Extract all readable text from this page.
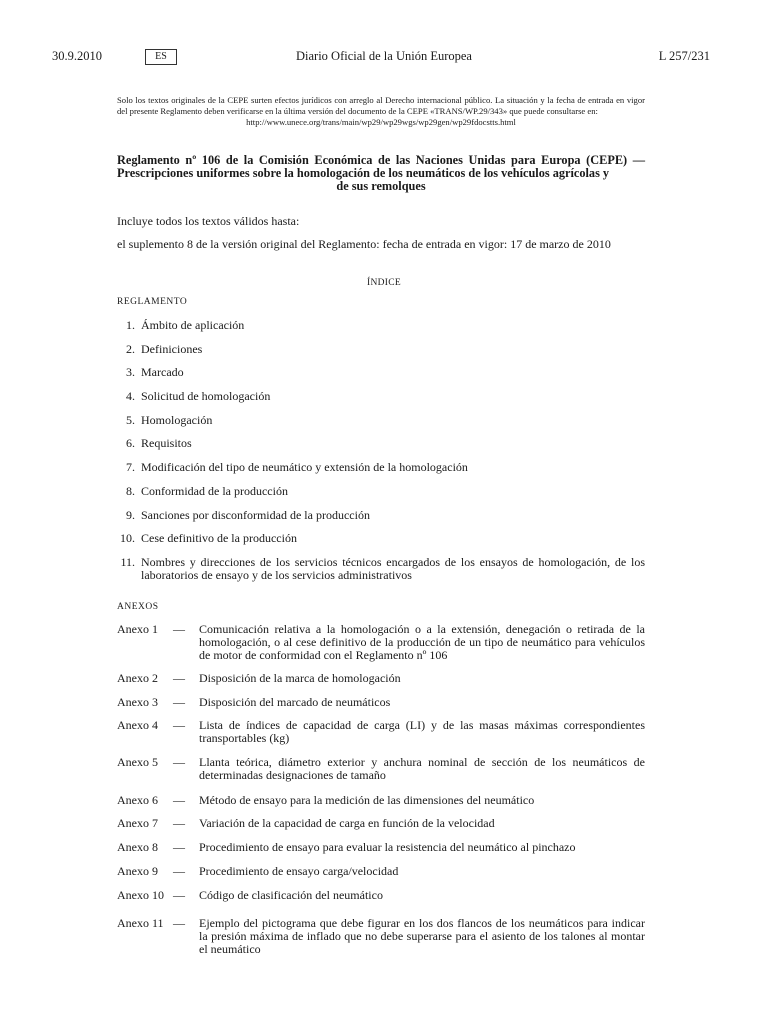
30.9.2010	ES	Diario Oficial de la Unión Europea	L 257/231
Solo los textos originales de la CEPE surten efectos jurídicos con arreglo al Derecho internacional público. La situación y la fecha de entrada en vigor del presente Reglamento deben verificarse en la última versión del documento de la CEPE «TRANS/WP.29/343» que puede consultarse en:
http://www.unece.org/trans/main/wp29/wp29wgs/wp29gen/wp29fdocstts.html
Reglamento nº 106 de la Comisión Económica de las Naciones Unidas para Europa (CEPE) — Prescripciones uniformes sobre la homologación de los neumáticos de los vehículos agrícolas y
de sus remolques
Incluye todos los textos válidos hasta:
el suplemento 8 de la versión original del Reglamento: fecha de entrada en vigor: 17 de marzo de 2010
ÍNDICE
REGLAMENTO
1. Ámbito de aplicación
2. Definiciones
3. Marcado
4. Solicitud de homologación
5. Homologación
6. Requisitos
7. Modificación del tipo de neumático y extensión de la homologación
8. Conformidad de la producción
9. Sanciones por disconformidad de la producción
10. Cese definitivo de la producción
11. Nombres y direcciones de los servicios técnicos encargados de los ensayos de homologación, de los laboratorios de ensayo y de los servicios administrativos
ANEXOS
Anexo 1 — Comunicación relativa a la homologación o a la extensión, denegación o retirada de la homologación, o al cese definitivo de la producción de un tipo de neumático para vehículos de motor de conformidad con el Reglamento nº 106
Anexo 2 — Disposición de la marca de homologación
Anexo 3 — Disposición del marcado de neumáticos
Anexo 4 — Lista de índices de capacidad de carga (LI) y de las masas máximas correspondientes transportables (kg)
Anexo 5 — Llanta teórica, diámetro exterior y anchura nominal de sección de los neumáticos de determinadas designaciones de tamaño
Anexo 6 — Método de ensayo para la medición de las dimensiones del neumático
Anexo 7 — Variación de la capacidad de carga en función de la velocidad
Anexo 8 — Procedimiento de ensayo para evaluar la resistencia del neumático al pinchazo
Anexo 9 — Procedimiento de ensayo carga/velocidad
Anexo 10 — Código de clasificación del neumático
Anexo 11 — Ejemplo del pictograma que debe figurar en los dos flancos de los neumáticos para indicar la presión máxima de inflado que no debe superarse para el asiento de los talones al montar el neumático
